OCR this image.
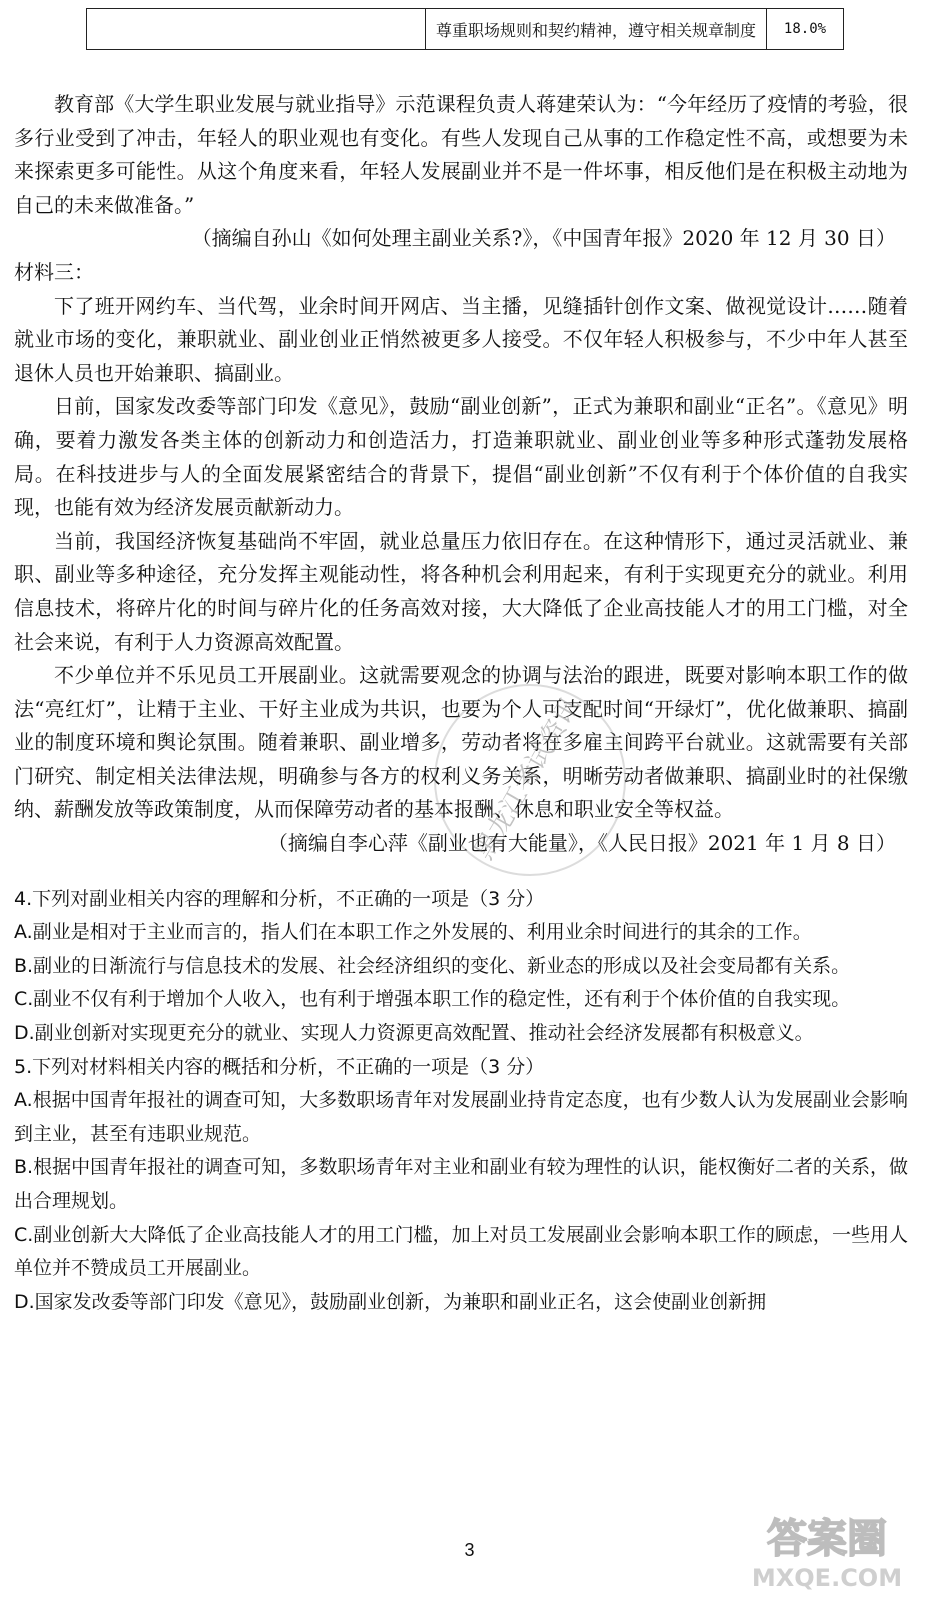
尊重职场规则和契约精神，遵守相关规章制度	18.0%

教育部《大学生职业发展与就业指导》示范课程负责人蒋建荣认为：“今年经历了疫情的考验，很多行业受到了冲击，年轻人的职业观也有变化。有些人发现自己从事的工作稳定性不高，或想要为未来探索更多可能性。从这个角度来看，年轻人发展副业并不是一件坏事，相反他们是在积极主动地为自己的未来做准备。”

（摘编自孙山《如何处理主副业关系?》，《中国青年报》2020 年 12 月 30 日）

材料三：

下了班开网约车、当代驾，业余时间开网店、当主播，见缝插针创作文案、做视觉设计……随着就业市场的变化，兼职就业、副业创业正悄然被更多人接受。不仅年轻人积极参与，不少中年人甚至退休人员也开始兼职、搞副业。

日前，国家发改委等部门印发《意见》，鼓励“副业创新”，正式为兼职和副业“正名”。《意见》明确，要着力激发各类主体的创新动力和创造活力，打造兼职就业、副业创业等多种形式蓬勃发展格局。在科技进步与人的全面发展紧密结合的背景下，提倡“副业创新”不仅有利于个体价值的自我实现，也能有效为经济发展贡献新动力。

当前，我国经济恢复基础尚不牢固，就业总量压力依旧存在。在这种情形下，通过灵活就业、兼职、副业等多种途径，充分发挥主观能动性，将各种机会利用起来，有利于实现更充分的就业。利用信息技术，将碎片化的时间与碎片化的任务高效对接，大大降低了企业高技能人才的用工门槛，对全社会来说，有利于人力资源高效配置。

不少单位并不乐见员工开展副业。这就需要观念的协调与法治的跟进，既要对影响本职工作的做法“亮红灯”，让精于主业、干好主业成为共识，也要为个人可支配时间“开绿灯”，优化做兼职、搞副业的制度环境和舆论氛围。随着兼职、副业增多，劳动者将在多雇主间跨平台就业。这就需要有关部门研究、制定相关法律法规，明确参与各方的权利义务关系，明晰劳动者做兼职、搞副业时的社保缴纳、薪酬发放等政策制度，从而保障劳动者的基本报酬、休息和职业安全等权益。

（摘编自李心萍《副业也有大能量》，《人民日报》2021 年 1 月 8 日）

4.下列对副业相关内容的理解和分析，不正确的一项是（3 分）

A.副业是相对于主业而言的，指人们在本职工作之外发展的、利用业余时间进行的其余的工作。

B.副业的日渐流行与信息技术的发展、社会经济组织的变化、新业态的形成以及社会变局都有关系。

C.副业不仅有利于增加个人收入，也有利于增强本职工作的稳定性，还有利于个体价值的自我实现。

D.副业创新对实现更充分的就业、实现人力资源更高效配置、推动社会经济发展都有积极意义。

5.下列对材料相关内容的概括和分析，不正确的一项是（3 分）

A.根据中国青年报社的调查可知，大多数职场青年对发展副业持肯定态度，也有少数人认为发展副业会影响到主业，甚至有违职业规范。

B.根据中国青年报社的调查可知，多数职场青年对主业和副业有较为理性的认识，能权衡好二者的关系，做出合理规划。

C.副业创新大大降低了企业高技能人才的用工门槛，加上对员工发展副业会影响本职工作的顾虑，一些用人单位并不赞成员工开展副业。

D.国家发改委等部门印发《意见》，鼓励副业创新，为兼职和副业正名，这会使副业创新拥

黑龙江考试资讯
答案圈
MXQE.COM
3
